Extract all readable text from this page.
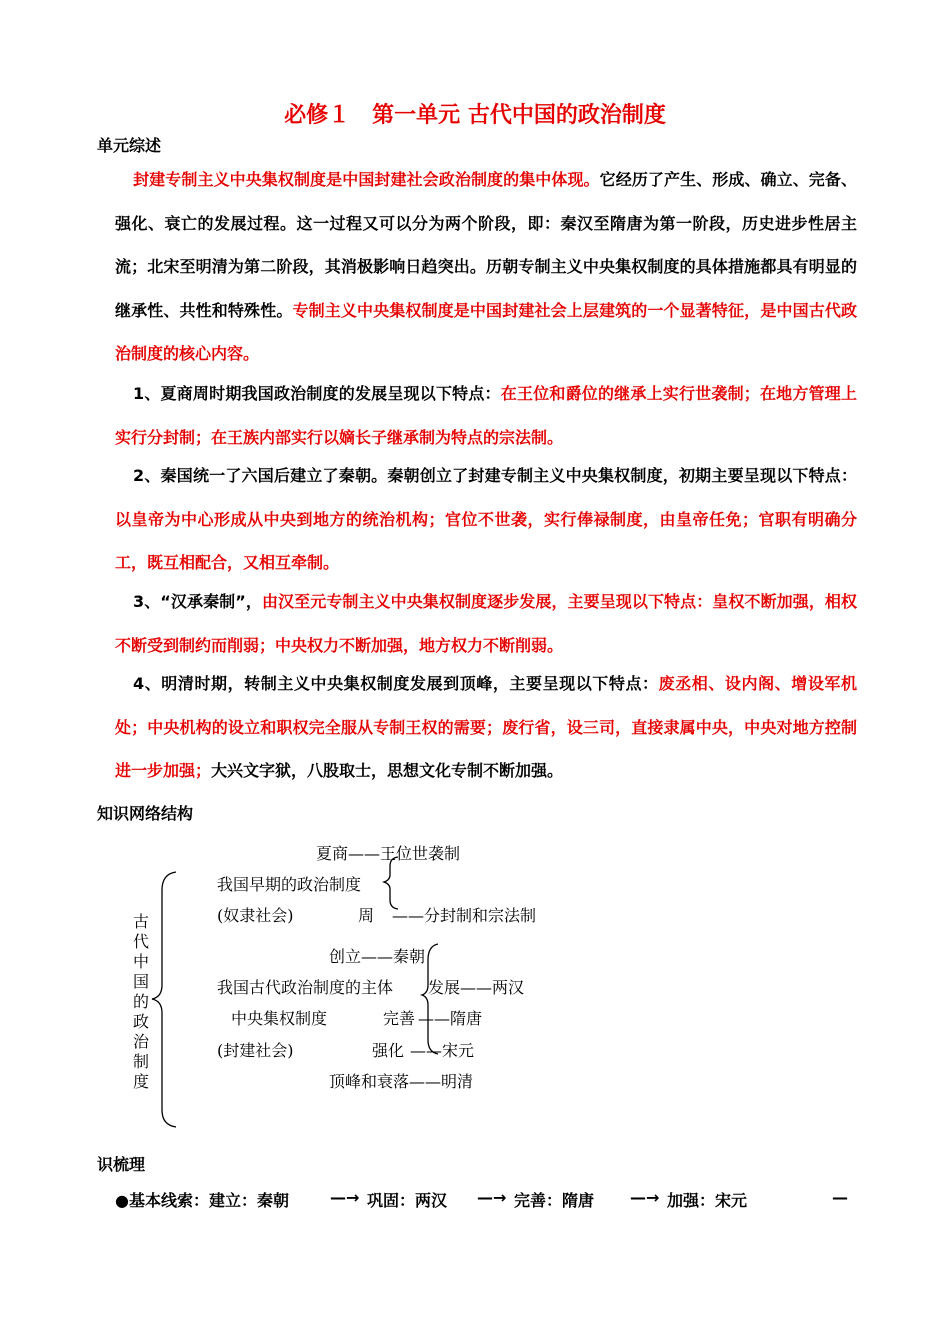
必修１　第一单元 古代中国的政治制度
单元综述
封建专制主义中央集权制度是中国封建社会政治制度的集中体现。它经历了产生、形成、确立、完备、强化、衰亡的发展过程。这一过程又可以分为两个阶段，即：秦汉至隋唐为第一阶段，历史进步性居主流；北宋至明清为第二阶段，其消极影响日趋突出。历朝专制主义中央集权制度的具体措施都具有明显的继承性、共性和特殊性。专制主义中央集权制度是中国封建社会上层建筑的一个显著特征，是中国古代政治制度的核心内容。
1、夏商周时期我国政治制度的发展呈现以下特点：在王位和爵位的继承上实行世袭制；在地方管理上实行分封制；在王族内部实行以嫡长子继承制为特点的宗法制。
2、秦国统一了六国后建立了秦朝。秦朝创立了封建专制主义中央集权制度，初期主要呈现以下特点：以皇帝为中心形成从中央到地方的统治机构；官位不世袭，实行俸禄制度，由皇帝任免；官职有明确分工，既互相配合，又相互牵制。
3、“汉承秦制”，由汉至元专制主义中央集权制度逐步发展，主要呈现以下特点：皇权不断加强，相权不断受到制约而削弱；中央权力不断加强，地方权力不断削弱。
4、明清时期，转制主义中央集权制度发展到顶峰，主要呈现以下特点：废丞相、设内阁、增设军机处；中央机构的设立和职权完全服从专制王权的需要；废行省，设三司，直接隶属中央，中央对地方控制进一步加强；大兴文字狱，八股取士，思想文化专制不断加强。
知识网络结构
古
代
中
国
的
政
治
制
度
夏商——王位世袭制
我国早期的政治制度
(奴隶社会)	周 ——分封制和宗法制
创立——秦朝
我国古代政治制度的主体 发展——两汉
中央集权制度	完善 ——隋唐
(封建社会)	强化 ——宋元
顶峰和衰落——明清
识梳理
●基本线索：建立：秦朝	—→ 巩固：两汉 —→ 完善：隋唐 —→ 加强：宋元	—
